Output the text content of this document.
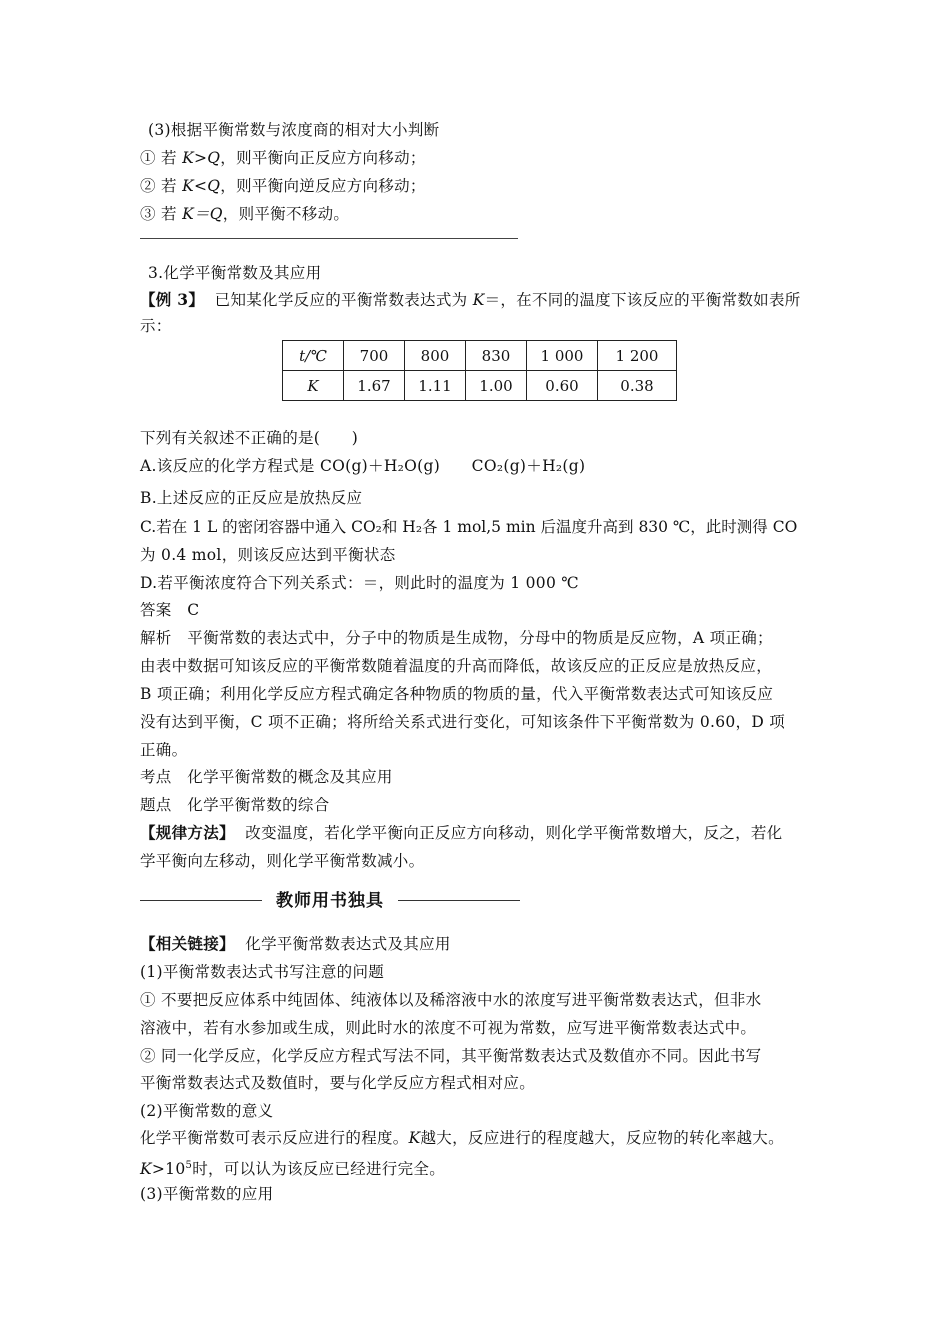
(3)根据平衡常数与浓度商的相对大小判断
① 若 K>Q，则平衡向正反应方向移动；
② 若 K<Q，则平衡向逆反应方向移动；
③ 若 K＝Q，则平衡不移动。
3.化学平衡常数及其应用
【例 3】 已知某化学反应的平衡常数表达式为 K＝，在不同的温度下该反应的平衡常数如表所
示：
t/℃	700	800	830	1 000	1 200
K	1.67	1.11	1.00	0.60	0.38
下列有关叙述不正确的是(　　)
A.该反应的化学方程式是 CO(g)＋H₂O(g)　　CO₂(g)＋H₂(g)
B.上述反应的正反应是放热反应
C.若在 1 L 的密闭容器中通入 CO₂和 H₂各 1 mol,5 min 后温度升高到 830 ℃，此时测得 CO
为 0.4 mol，则该反应达到平衡状态
D.若平衡浓度符合下列关系式：＝，则此时的温度为 1 000 ℃
答案 C
解析 平衡常数的表达式中，分子中的物质是生成物，分母中的物质是反应物，A 项正确；
由表中数据可知该反应的平衡常数随着温度的升高而降低，故该反应的正反应是放热反应，
B 项正确；利用化学反应方程式确定各种物质的物质的量，代入平衡常数表达式可知该反应
没有达到平衡，C 项不正确；将所给关系式进行变化，可知该条件下平衡常数为 0.60，D 项
正确。
考点 化学平衡常数的概念及其应用
题点 化学平衡常数的综合
【规律方法】 改变温度，若化学平衡向正反应方向移动，则化学平衡常数增大，反之，若化
学平衡向左移动，则化学平衡常数减小。
教师用书独具
【相关链接】 化学平衡常数表达式及其应用
(1)平衡常数表达式书写注意的问题
① 不要把反应体系中纯固体、纯液体以及稀溶液中水的浓度写进平衡常数表达式，但非水
溶液中，若有水参加或生成，则此时水的浓度不可视为常数，应写进平衡常数表达式中。
② 同一化学反应，化学反应方程式写法不同，其平衡常数表达式及数值亦不同。因此书写
平衡常数表达式及数值时，要与化学反应方程式相对应。
(2)平衡常数的意义
化学平衡常数可表示反应进行的程度。K越大，反应进行的程度越大，反应物的转化率越大。
$K>10^5$时，可以认为该反应已经进行完全。
(3)平衡常数的应用
